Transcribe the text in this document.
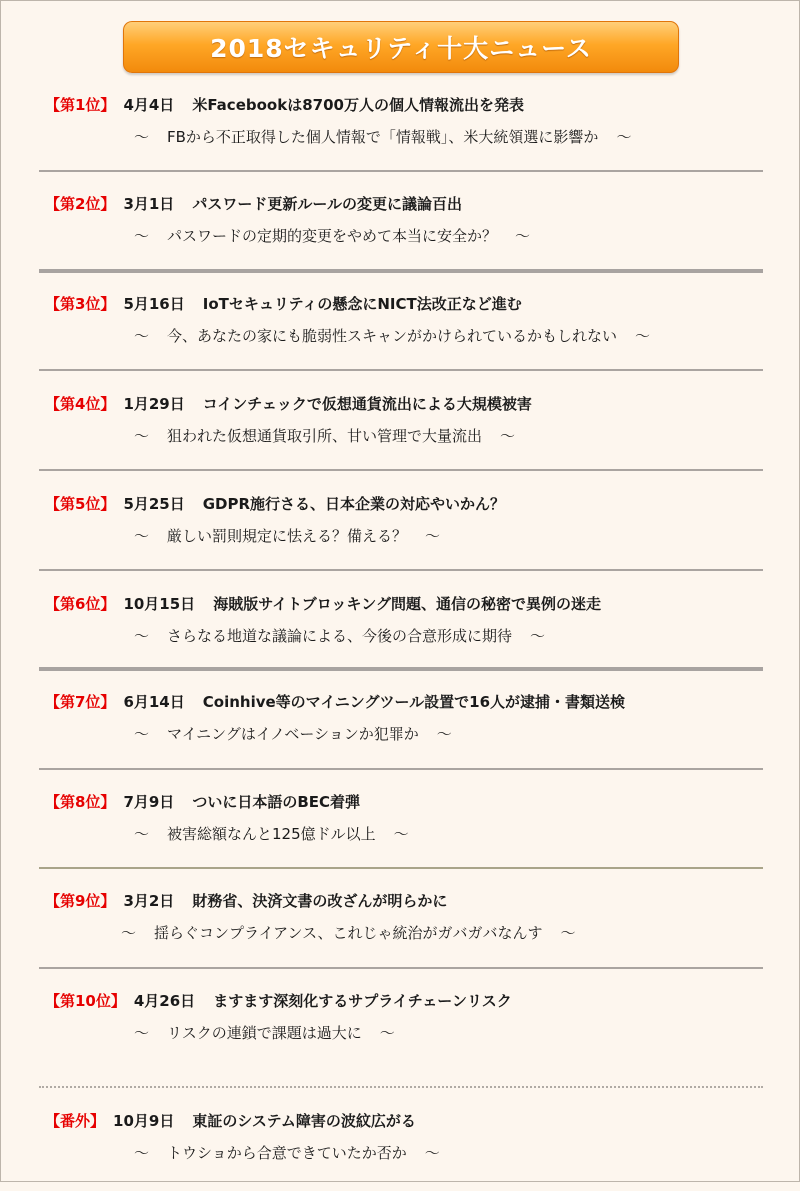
2018セキュリティ十大ニュース
【第1位】 4月4日 米Facebookは8700万人の個人情報流出を発表
～ FBから不正取得した個人情報で「情報戦」、米大統領選に影響か ～
【第2位】 3月1日 パスワード更新ルールの変更に議論百出
～ パスワードの定期的変更をやめて本当に安全か？ ～
【第3位】 5月16日 IoTセキュリティの懸念にNICT法改正など進む
～ 今、あなたの家にも脆弱性スキャンがかけられているかもしれない ～
【第4位】 1月29日 コインチェックで仮想通貨流出による大規模被害
～ 狙われた仮想通貨取引所、甘い管理で大量流出 ～
【第5位】 5月25日 GDPR施行さる、日本企業の対応やいかん？
～ 厳しい罰則規定に怯える？備える？ ～
【第6位】 10月15日 海賊版サイトブロッキング問題、通信の秘密で異例の迷走
～ さらなる地道な議論による、今後の合意形成に期待 ～
【第7位】 6月14日 Coinhive等のマイニングツール設置で16人が逮捕・書類送検
～ マイニングはイノベーションか犯罪か ～
【第8位】 7月9日 ついに日本語のBEC着弾
～ 被害総額なんと125億ドル以上 ～
【第9位】 3月2日 財務省、決済文書の改ざんが明らかに
～ 揺らぐコンプライアンス、これじゃ統治がガバガバなんす ～
【第10位】 4月26日 ますます深刻化するサプライチェーンリスク
～ リスクの連鎖で課題は過大に ～
【番外】 10月9日 東証のシステム障害の波紋広がる
～ トウショから合意できていたか否か ～
